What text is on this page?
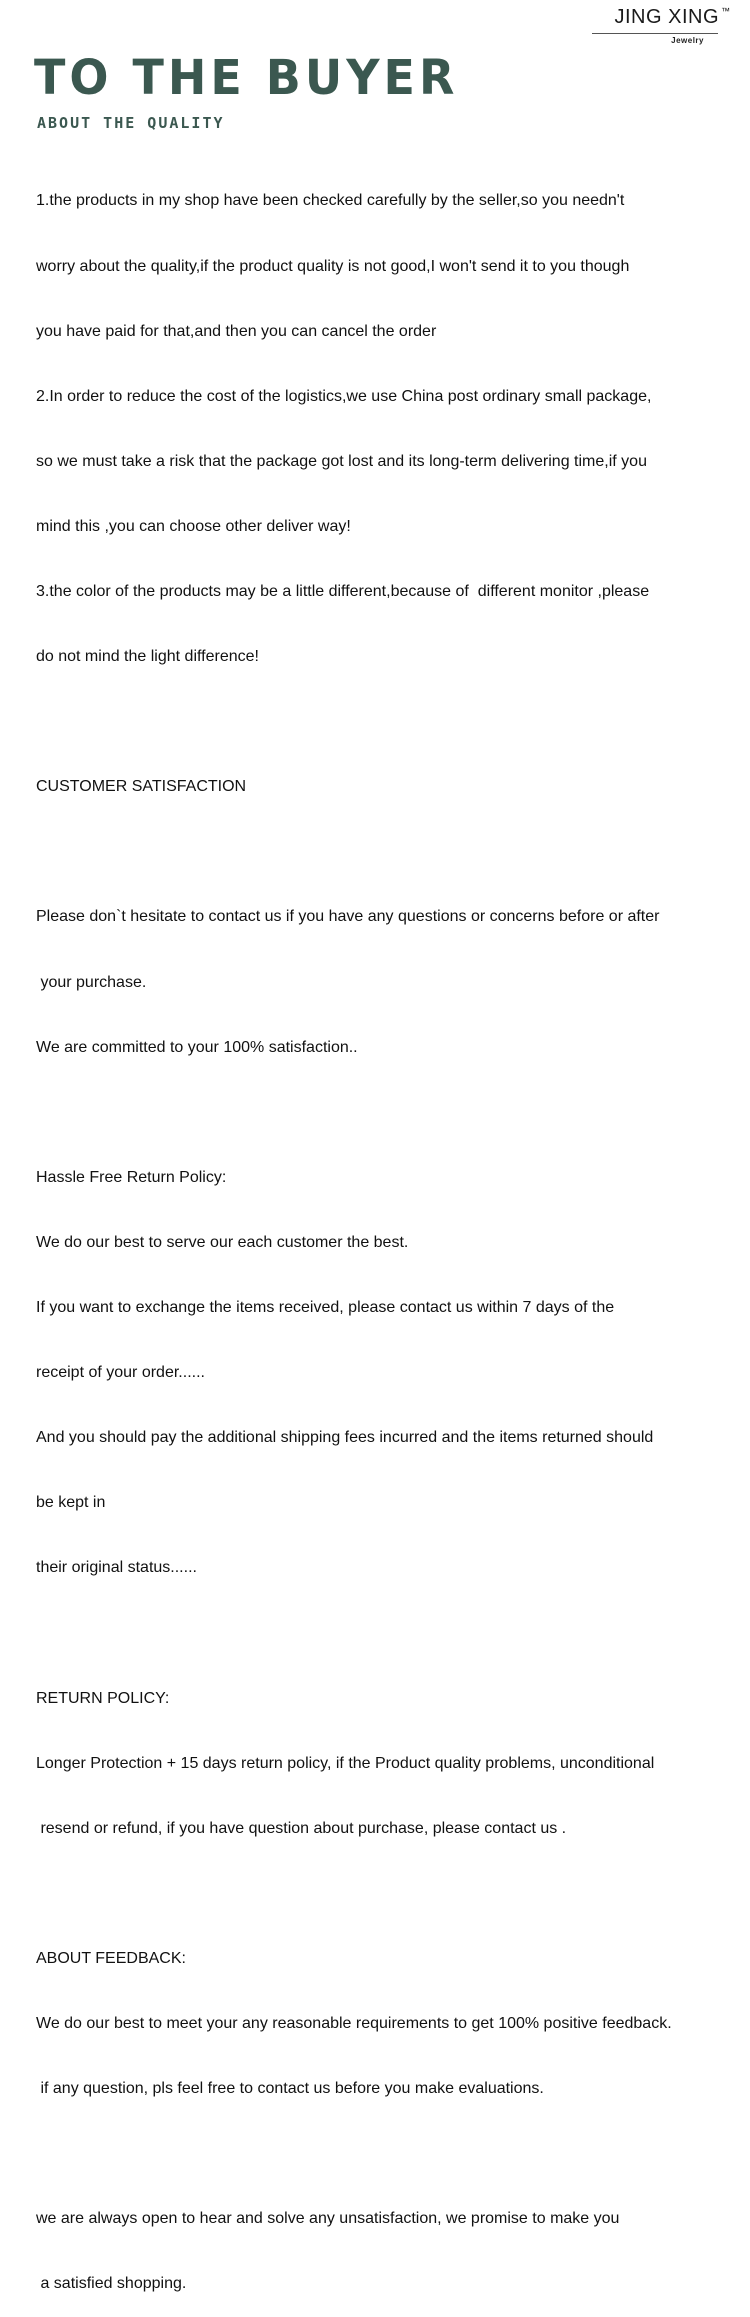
JING XING ™
Jewelry
TO THE BUYER
ABOUT THE QUALITY

1.the products in my shop have been checked carefully by the seller,so you needn't

worry about the quality,if the product quality is not good,I won't send it to you though

you have paid for that,and then you can cancel the order

2.In order to reduce the cost of the logistics,we use China post ordinary small package,

so we must take a risk that the package got lost and its long-term delivering time,if you

mind this ,you can choose other deliver way!

3.the color of the products may be a little different,because of  different monitor ,please

do not mind the light difference!

CUSTOMER SATISFACTION

Please don`t hesitate to contact us if you have any questions or concerns before or after

your purchase.

We are committed to your 100% satisfaction..

Hassle Free Return Policy:

We do our best to serve our each customer the best.

If you want to exchange the items received, please contact us within 7 days of the

receipt of your order......

And you should pay the additional shipping fees incurred and the items returned should

be kept in

their original status......

RETURN POLICY:

Longer Protection + 15 days return policy, if the Product quality problems, unconditional

resend or refund, if you have question about purchase, please contact us .

ABOUT FEEDBACK:

We do our best to meet your any reasonable requirements to get 100% positive feedback.

if any question, pls feel free to contact us before you make evaluations.

we are always open to hear and solve any unsatisfaction, we promise to make you

a satisfied shopping.
